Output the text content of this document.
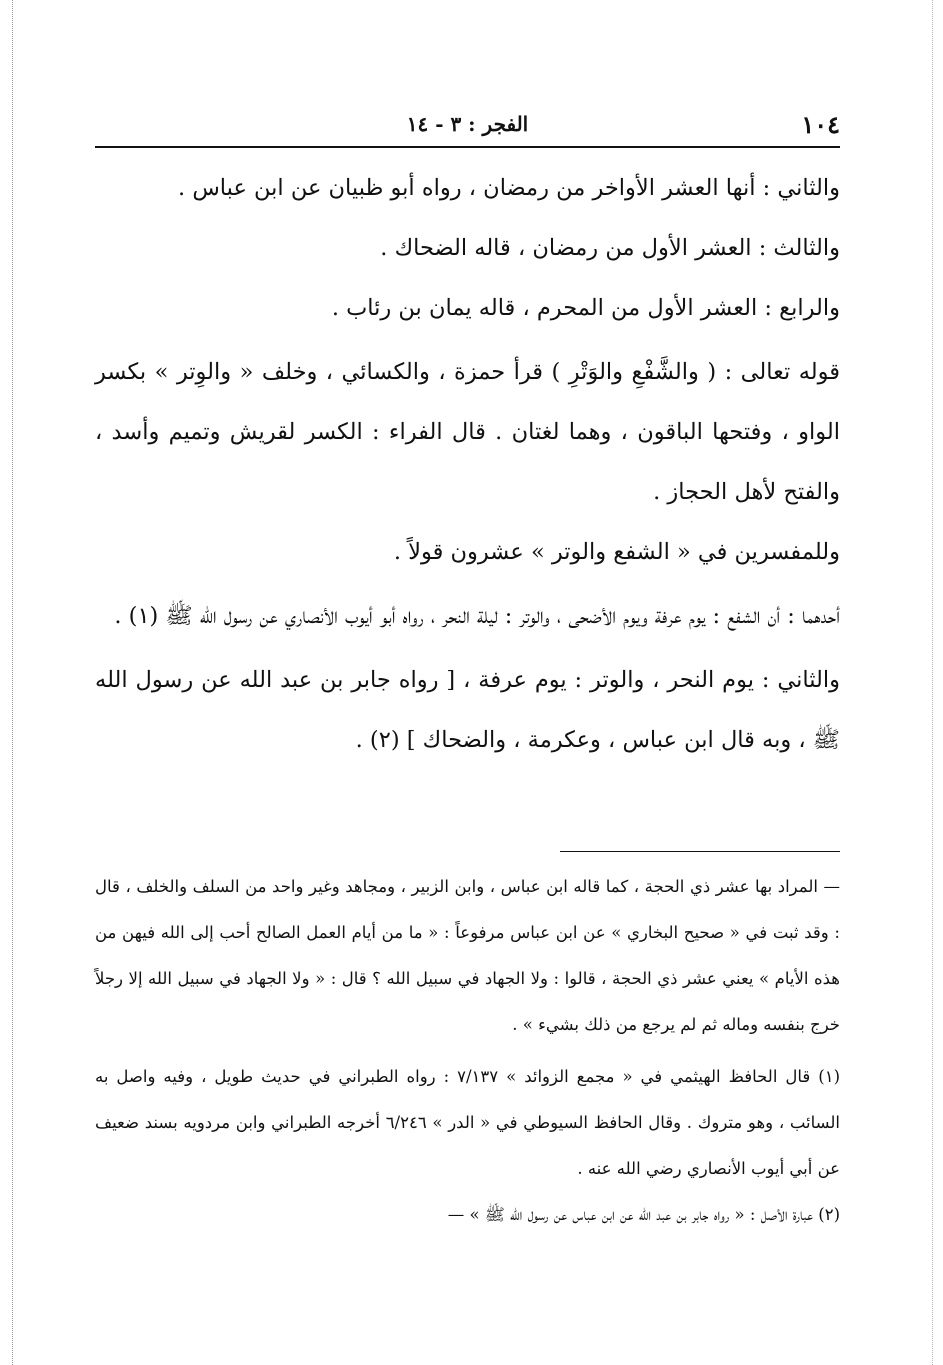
١٠٤
الفجر : ٣ - ١٤

والثاني : أنها العشر الأواخر من رمضان ، رواه أبو ظبيان عن ابن عباس .

والثالث : العشر الأول من رمضان ، قاله الضحاك .

والرابع : العشر الأول من المحرم ، قاله يمان بن رئاب .

قوله تعالى : ( والشَّفْعِ والوَتْرِ ) قرأ حمزة ، والكسائي ، وخلف « والوِتر » بكسر الواو ، وفتحها الباقون ، وهما لغتان . قال الفراء : الكسر لقريش وتميم وأسد ، والفتح لأهل الحجاز .

وللمفسرين في « الشفع والوتر » عشرون قولاً .

أحدهما : أن الشفع : يوم عرفة ويوم الأضحى ، والوتر : ليلة النحر ، رواه أبو أيوب الأنصاري عن رسول الله ﷺ (١) .

والثاني : يوم النحر ، والوتر : يوم عرفة ، [ رواه جابر بن عبد الله عن رسول الله ﷺ ، وبه قال ابن عباس ، وعكرمة ، والضحاك ] (٢) .

— المراد بها عشر ذي الحجة ، كما قاله ابن عباس ، وابن الزبير ، ومجاهد وغير واحد من السلف والخلف ، قال : وقد ثبت في « صحيح البخاري » عن ابن عباس مرفوعاً : « ما من أيام العمل الصالح أحب إلى الله فيهن من هذه الأيام » يعني عشر ذي الحجة ، قالوا : ولا الجهاد في سبيل الله ؟ قال : « ولا الجهاد في سبيل الله إلا رجلاً خرج بنفسه وماله ثم لم يرجع من ذلك بشيء » .

(١) قال الحافظ الهيثمي في « مجمع الزوائد » ٧/١٣٧ : رواه الطبراني في حديث طويل ، وفيه واصل به السائب ، وهو متروك . وقال الحافظ السيوطي في « الدر » ٦/٢٤٦ أخرجه الطبراني وابن مردويه بسند ضعيف عن أبي أيوب الأنصاري رضي الله عنه .

(٢) عبارة الأصل : « رواه جابر بن عبد الله عن ابن عباس عن رسول الله ﷺ » —
